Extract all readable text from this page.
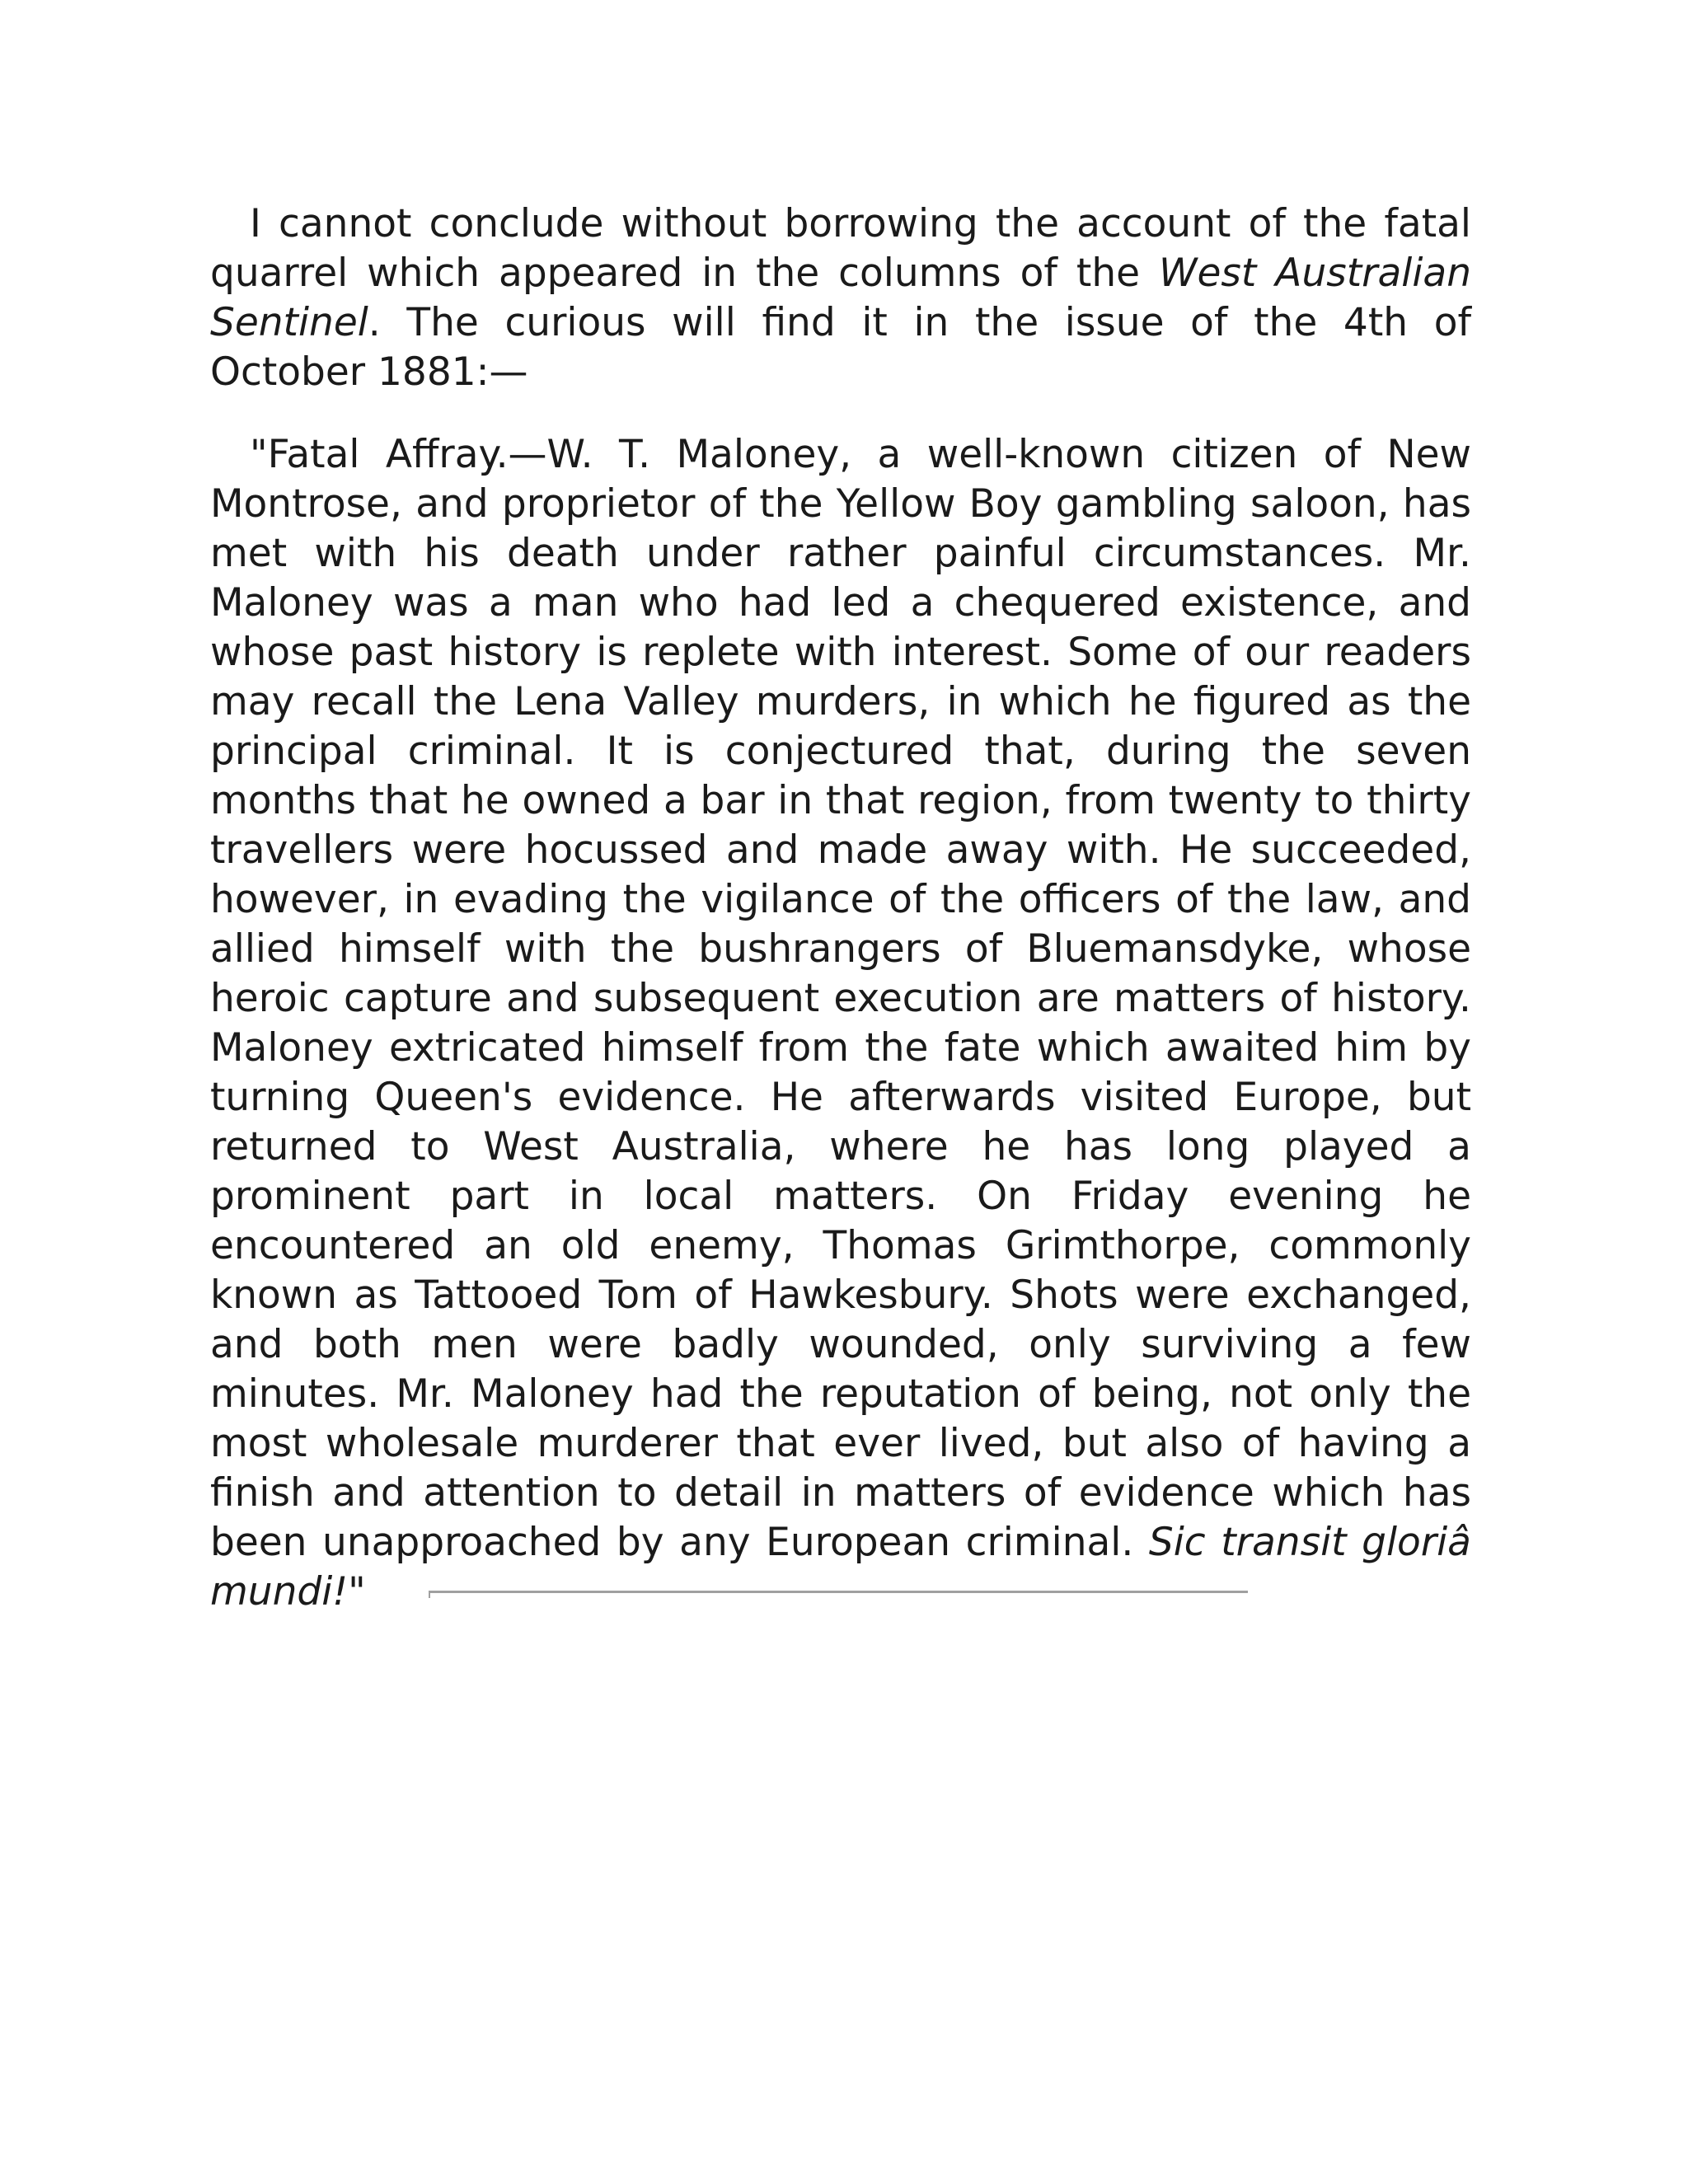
I cannot conclude without borrowing the account of the fatal quarrel which appeared in the columns of the West Australian Sentinel. The curious will find it in the issue of the 4th of October 1881:—

"Fatal Affray.—W. T. Maloney, a well-known citizen of New Montrose, and proprietor of the Yellow Boy gambling saloon, has met with his death under rather painful circumstances. Mr. Maloney was a man who had led a chequered existence, and whose past history is replete with interest. Some of our readers may recall the Lena Valley murders, in which he figured as the principal criminal. It is conjectured that, during the seven months that he owned a bar in that region, from twenty to thirty travellers were hocussed and made away with. He succeeded, however, in evading the vigilance of the officers of the law, and allied himself with the bushrangers of Bluemansdyke, whose heroic capture and subsequent execution are matters of history. Maloney extricated himself from the fate which awaited him by turning Queen's evidence. He afterwards visited Europe, but returned to West Australia, where he has long played a prominent part in local matters. On Friday evening he encountered an old enemy, Thomas Grimthorpe, commonly known as Tattooed Tom of Hawkesbury. Shots were exchanged, and both men were badly wounded, only surviving a few minutes. Mr. Maloney had the reputation of being, not only the most wholesale murderer that ever lived, but also of having a finish and attention to detail in matters of evidence which has been unapproached by any European criminal. Sic transit gloriâ mundi!"
